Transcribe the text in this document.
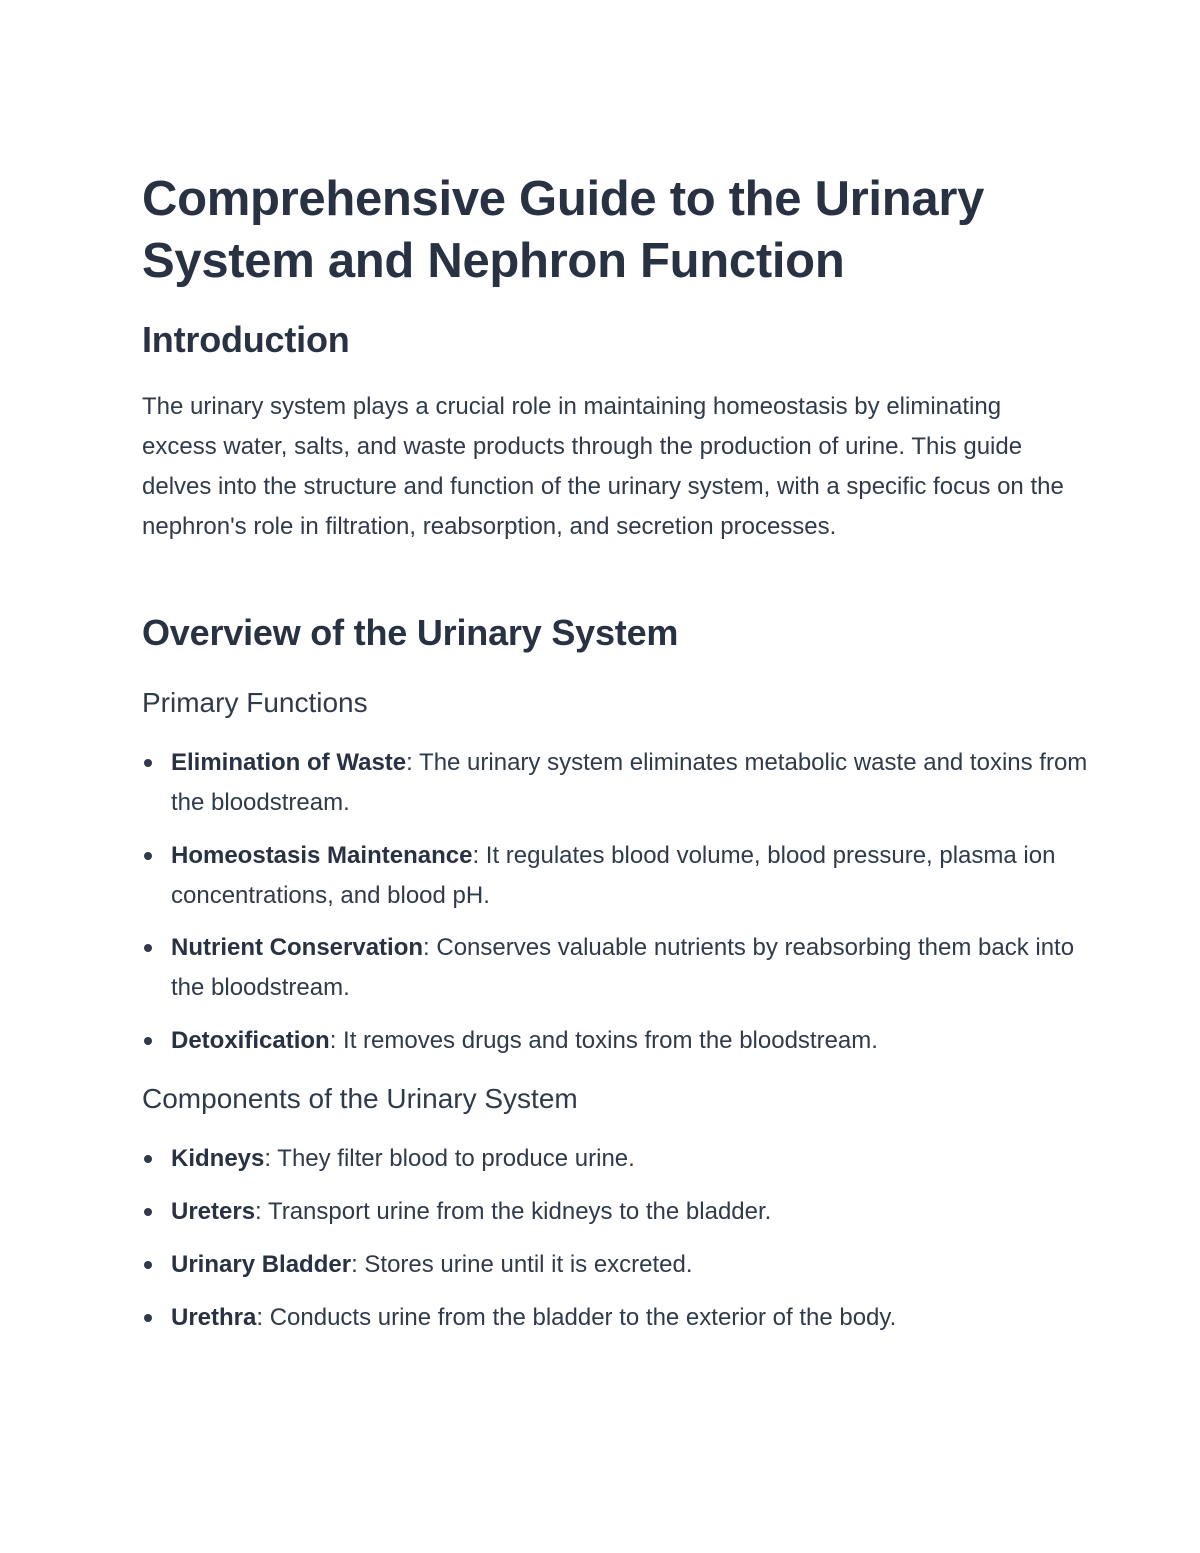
Comprehensive Guide to the Urinary System and Nephron Function
Introduction

The urinary system plays a crucial role in maintaining homeostasis by eliminating excess water, salts, and waste products through the production of urine. This guide delves into the structure and function of the urinary system, with a specific focus on the nephron's role in filtration, reabsorption, and secretion processes.

Overview of the Urinary System
Primary Functions
Elimination of Waste: The urinary system eliminates metabolic waste and toxins from the bloodstream.
Homeostasis Maintenance: It regulates blood volume, blood pressure, plasma ion concentrations, and blood pH.
Nutrient Conservation: Conserves valuable nutrients by reabsorbing them back into the bloodstream.
Detoxification: It removes drugs and toxins from the bloodstream.
Components of the Urinary System
Kidneys: They filter blood to produce urine.
Ureters: Transport urine from the kidneys to the bladder.
Urinary Bladder: Stores urine until it is excreted.
Urethra: Conducts urine from the bladder to the exterior of the body.
